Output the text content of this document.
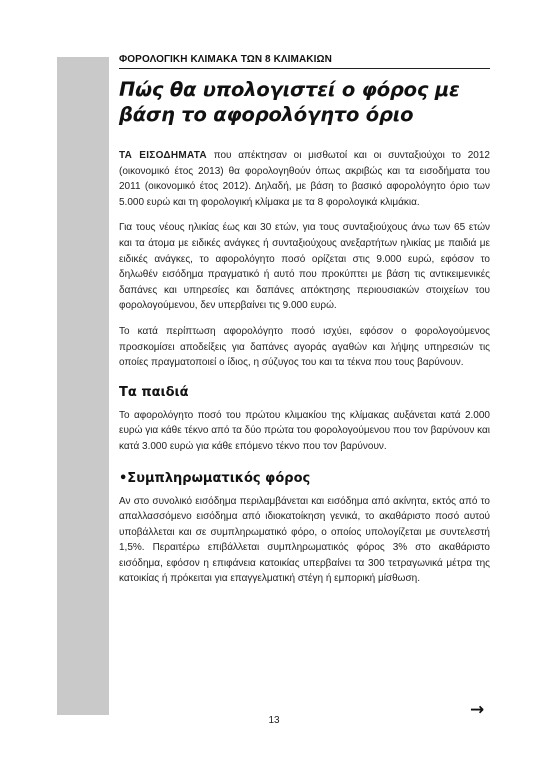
ΦΟΡΟΛΟΓΙΚΗ ΚΛΙΜΑΚΑ ΤΩΝ 8 ΚΛΙΜΑΚΙΩΝ
Πώς θα υπολογιστεί ο φόρος με
βάση το αφορολόγητο όριο

ΤΑ ΕΙΣΟΔΗΜΑΤΑ που απέκτησαν οι μισθωτοί και οι συνταξιούχοι το 2012 (οικονομικό έτος 2013) θα φορολογηθούν όπως ακριβώς και τα εισοδήματα του 2011 (οικονομικό έτος 2012). Δηλαδή, με βάση το βασικό αφορολόγητο όριο των 5.000 ευρώ και τη φορολογική κλίμακα με τα 8 φορολογικά κλιμάκια.

Για τους νέους ηλικίας έως και 30 ετών, για τους συνταξιούχους άνω των 65 ετών και τα άτομα με ειδικές ανάγκες ή συνταξιούχους ανεξαρτήτων ηλικίας με παιδιά με ειδικές ανάγκες, το αφορολόγητο ποσό ορίζεται στις 9.000 ευρώ, εφόσον το δηλωθέν εισόδημα πραγματικό ή αυτό που προκύπτει με βάση τις αντικειμενικές δαπάνες και υπηρεσίες και δαπάνες απόκτησης περιουσιακών στοιχείων του φορολογούμενου, δεν υπερβαίνει τις 9.000 ευρώ.

Το κατά περίπτωση αφορολόγητο ποσό ισχύει, εφόσον ο φορολογούμενος προσκομίσει αποδείξεις για δαπάνες αγοράς αγαθών και λήψης υπηρεσιών τις οποίες πραγματοποιεί ο ίδιος, η σύζυγος του και τα τέκνα που τους βαρύνουν.

Τα παιδιά

Το αφορολόγητο ποσό του πρώτου κλιμακίου της κλίμακας αυξάνεται κατά 2.000 ευρώ για κάθε τέκνο από τα δύο πρώτα του φορολογούμενου που τον βαρύνουν και κατά 3.000 ευρώ για κάθε επόμενο τέκνο που τον βαρύνουν.

•Συμπληρωματικός φόρος

Αν στο συνολικό εισόδημα περιλαμβάνεται και εισόδημα από ακίνητα, εκτός από το απαλλασσόμενο εισόδημα από ιδιοκατοίκηση γενικά, το ακαθάριστο ποσό αυτού υποβάλλεται και σε συμπληρωματικό φόρο, ο οποίος υπολογίζεται με συντελεστή 1,5%. Περαιτέρω επιβάλλεται συμπληρωματικός φόρος 3% στο ακαθάριστο εισόδημα, εφόσον η επιφάνεια κατοικίας υπερβαίνει τα 300 τετραγωνικά μέτρα της κατοικίας ή πρόκειται για επαγγελματική στέγη ή εμπορική μίσθωση.

13
→
